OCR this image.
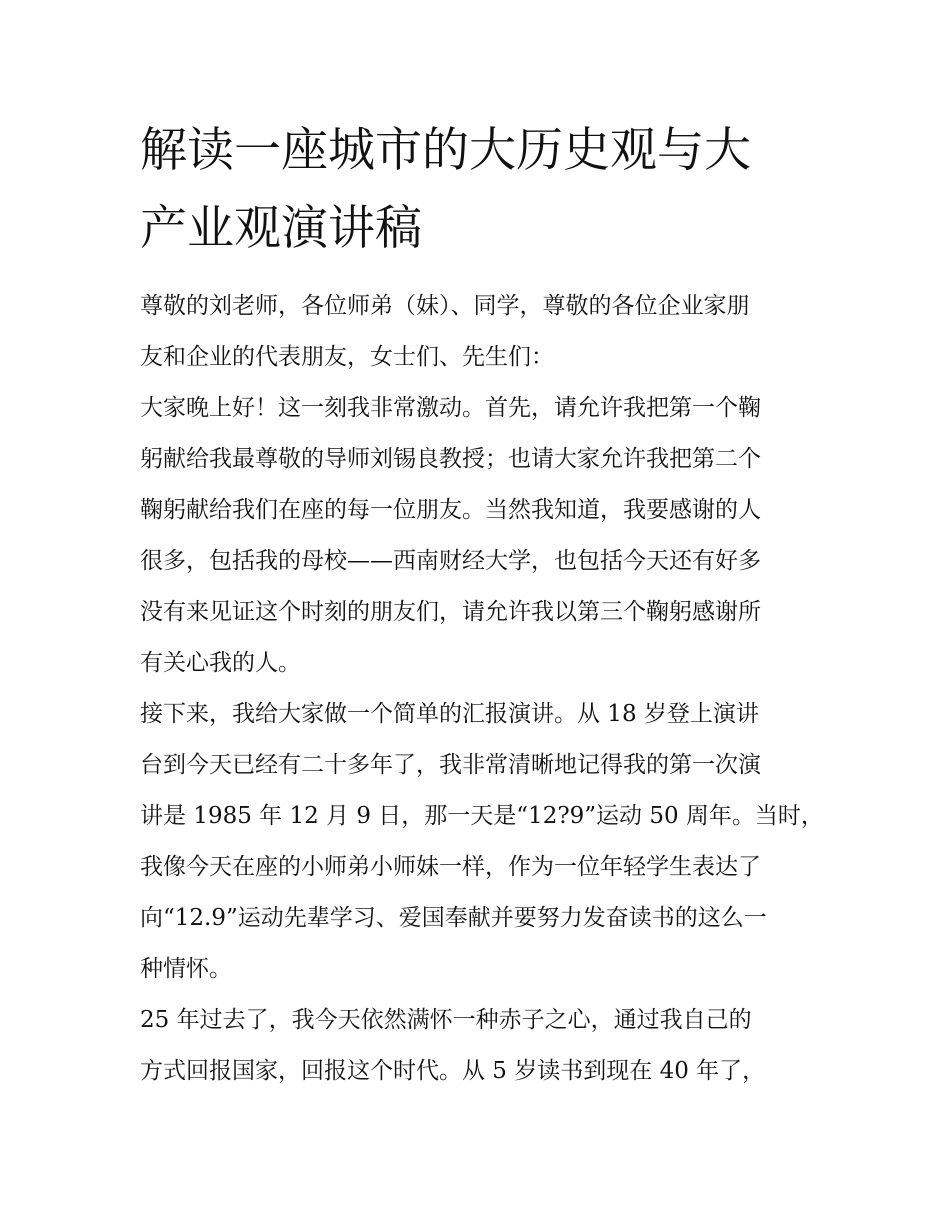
解读一座城市的大历史观与大
产业观演讲稿
尊敬的刘老师，各位师弟（妹）、同学，尊敬的各位企业家朋
友和企业的代表朋友，女士们、先生们：
大家晚上好！这一刻我非常激动。首先，请允许我把第一个鞠
躬献给我最尊敬的导师刘锡良教授；也请大家允许我把第二个
鞠躬献给我们在座的每一位朋友。当然我知道，我要感谢的人
很多，包括我的母校——西南财经大学，也包括今天还有好多
没有来见证这个时刻的朋友们，请允许我以第三个鞠躬感谢所
有关心我的人。
接下来，我给大家做一个简单的汇报演讲。从 18 岁登上演讲
台到今天已经有二十多年了，我非常清晰地记得我的第一次演
讲是 1985 年 12 月 9 日，那一天是“12?9”运动 50 周年。当时，
我像今天在座的小师弟小师妹一样，作为一位年轻学生表达了
向“12.9”运动先辈学习、爱国奉献并要努力发奋读书的这么一
种情怀。
25 年过去了，我今天依然满怀一种赤子之心，通过我自己的
方式回报国家，回报这个时代。从 5 岁读书到现在 40 年了，
